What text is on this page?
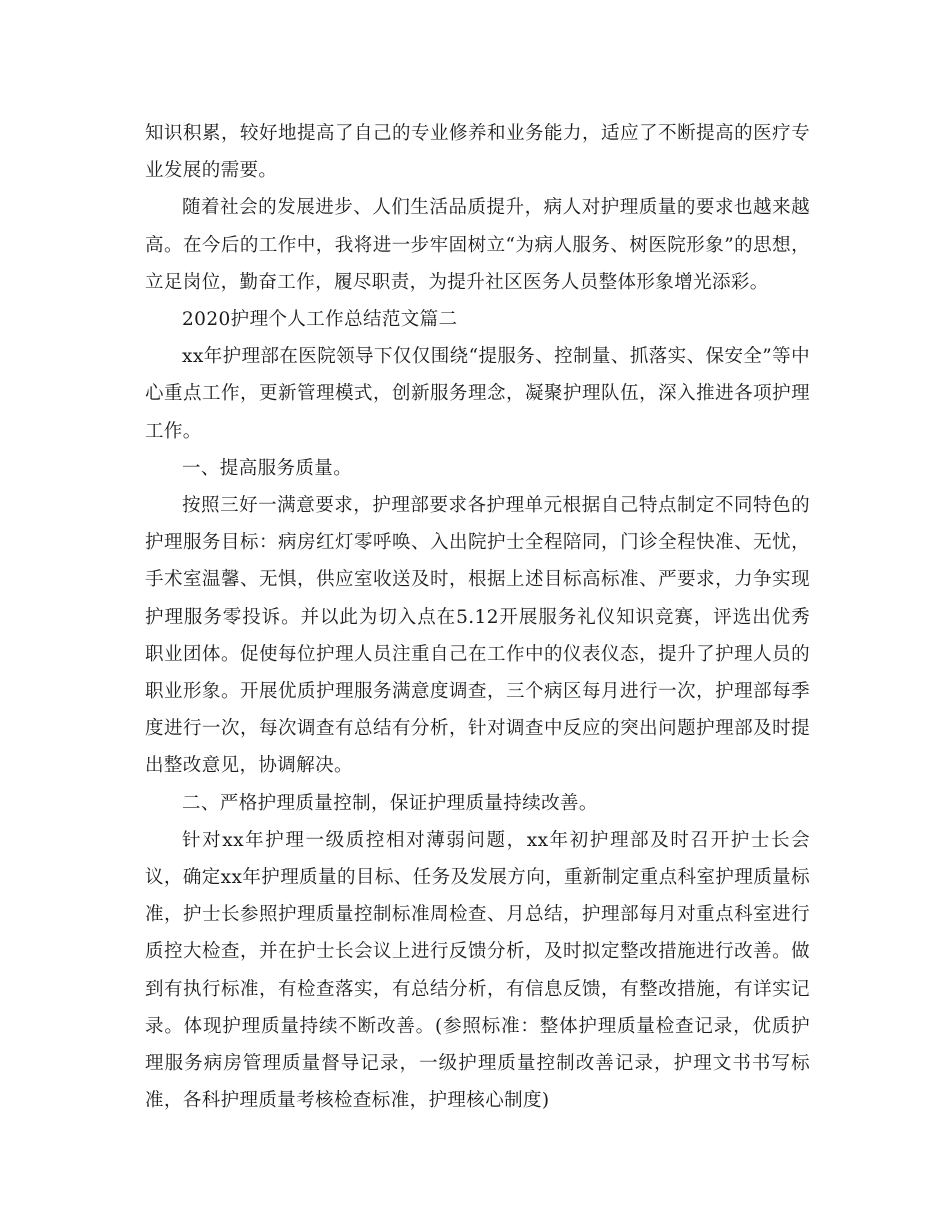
知识积累，较好地提高了自己的专业修养和业务能力，适应了不断提高的医疗专业发展的需要。

随着社会的发展进步、人们生活品质提升，病人对护理质量的要求也越来越高。在今后的工作中，我将进一步牢固树立“为病人服务、树医院形象”的思想，立足岗位，勤奋工作，履尽职责，为提升社区医务人员整体形象增光添彩。

2020护理个人工作总结范文篇二

xx年护理部在医院领导下仅仅围绕“提服务、控制量、抓落实、保安全”等中心重点工作，更新管理模式，创新服务理念，凝聚护理队伍，深入推进各项护理工作。

一、提高服务质量。

按照三好一满意要求，护理部要求各护理单元根据自己特点制定不同特色的护理服务目标：病房红灯零呼唤、入出院护士全程陪同，门诊全程快准、无忧，手术室温馨、无惧，供应室收送及时，根据上述目标高标准、严要求，力争实现护理服务零投诉。并以此为切入点在5.12开展服务礼仪知识竞赛，评选出优秀职业团体。促使每位护理人员注重自己在工作中的仪表仪态，提升了护理人员的职业形象。开展优质护理服务满意度调查，三个病区每月进行一次，护理部每季度进行一次，每次调查有总结有分析，针对调查中反应的突出问题护理部及时提出整改意见，协调解决。

二、严格护理质量控制，保证护理质量持续改善。

针对xx年护理一级质控相对薄弱问题，xx年初护理部及时召开护士长会议，确定xx年护理质量的目标、任务及发展方向，重新制定重点科室护理质量标准，护士长参照护理质量控制标准周检查、月总结，护理部每月对重点科室进行质控大检查，并在护士长会议上进行反馈分析，及时拟定整改措施进行改善。做到有执行标准，有检查落实，有总结分析，有信息反馈，有整改措施，有详实记录。体现护理质量持续不断改善。(参照标准：整体护理质量检查记录，优质护理服务病房管理质量督导记录，一级护理质量控制改善记录，护理文书书写标准，各科护理质量考核检查标准，护理核心制度)
